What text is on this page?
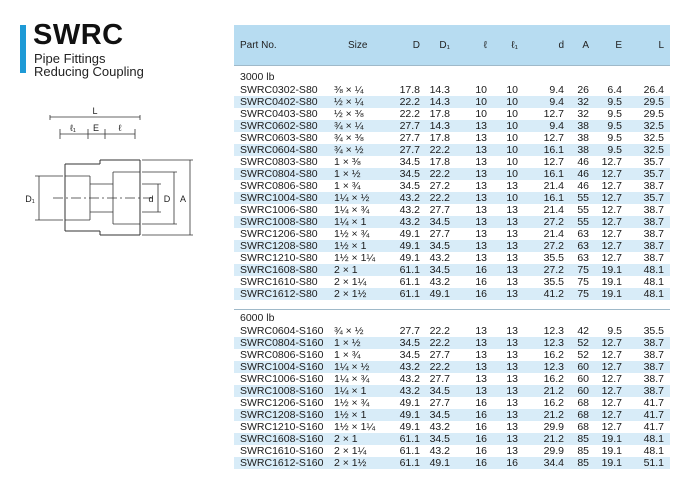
SWRC
Pipe Fittings
Reducing Coupling
L
ℓ₁ E ℓ
D₁	d D A
Part No.	Size	D	D₁	ℓ	ℓ₁	d	A	E	L
3000 lb
SWRC0302-S80 ⅜ × ¼	17.8 14.3	10	10	9.4	26	6.4	26.4
SWRC0402-S80 ½ × ¼	22.2 14.3	10	10	9.4	32	9.5	29.5
SWRC0403-S80 ½ × ⅜	22.2 17.8	10	10	12.7	32	9.5	29.5
SWRC0602-S80 ¾ × ¼	27.7 14.3	13	10	9.4	38	9.5	32.5
SWRC0603-S80 ¾ × ⅜	27.7 17.8	13	10	12.7	38	9.5	32.5
SWRC0604-S80 ¾ × ½	27.7 22.2	13	10	16.1	38	9.5	32.5
SWRC0803-S80 1 × ⅜	34.5 17.8	13	10	12.7	46	12.7	35.7
SWRC0804-S80 1 × ½	34.5 22.2	13	10	16.1	46	12.7	35.7
SWRC0806-S80 1 × ¾	34.5 27.2	13	13	21.4	46	12.7	38.7
SWRC1004-S80 1¼ × ½	43.2 22.2	13	10	16.1	55	12.7	35.7
SWRC1006-S80 1¼ × ¾	43.2 27.7	13	13	21.4	55	12.7	38.7
SWRC1008-S80 1¼ × 1	43.2 34.5	13	13	27.2	55	12.7	38.7
SWRC1206-S80 1½ × ¾	49.1 27.7	13	13	21.4	63	12.7	38.7
SWRC1208-S80 1½ × 1	49.1 34.5	13	13	27.2	63	12.7	38.7
SWRC1210-S80 1½ × 1¼	49.1 43.2	13	13	35.5	63	12.7	38.7
SWRC1608-S80 2 × 1	61.1 34.5	16	13	27.2	75	19.1	48.1
SWRC1610-S80 2 × 1¼	61.1 43.2	16	13	35.5	75	19.1	48.1
SWRC1612-S80 2 × 1½	61.1 49.1	16	13	41.2	75	19.1	48.1
6000 lb
SWRC0604-S160 ¾ × ½	27.7 22.2	13	13	12.3	42	9.5	35.5
SWRC0804-S160 1 × ½	34.5 22.2	13	13	12.3	52	12.7	38.7
SWRC0806-S160 1 × ¾	34.5 27.7	13	13	16.2	52	12.7	38.7
SWRC1004-S160 1¼ × ½	43.2 22.2	13	13	12.3	60	12.7	38.7
SWRC1006-S160 1¼ × ¾	43.2 27.7	13	13	16.2	60	12.7	38.7
SWRC1008-S160 1¼ × 1	43.2 34.5	13	13	21.2	60	12.7	38.7
SWRC1206-S160 1½ × ¾	49.1 27.7	16	13	16.2	68	12.7	41.7
SWRC1208-S160 1½ × 1	49.1 34.5	16	13	21.2	68	12.7	41.7
SWRC1210-S160 1½ × 1¼	49.1 43.2	16	13	29.9	68	12.7	41.7
SWRC1608-S160 2 × 1	61.1 34.5	16	13	21.2	85	19.1	48.1
SWRC1610-S160 2 × 1¼	61.1 43.2	16	13	29.9	85	19.1	48.1
SWRC1612-S160 2 × 1½	61.1 49.1	16	16	34.4	85	19.1	51.1
